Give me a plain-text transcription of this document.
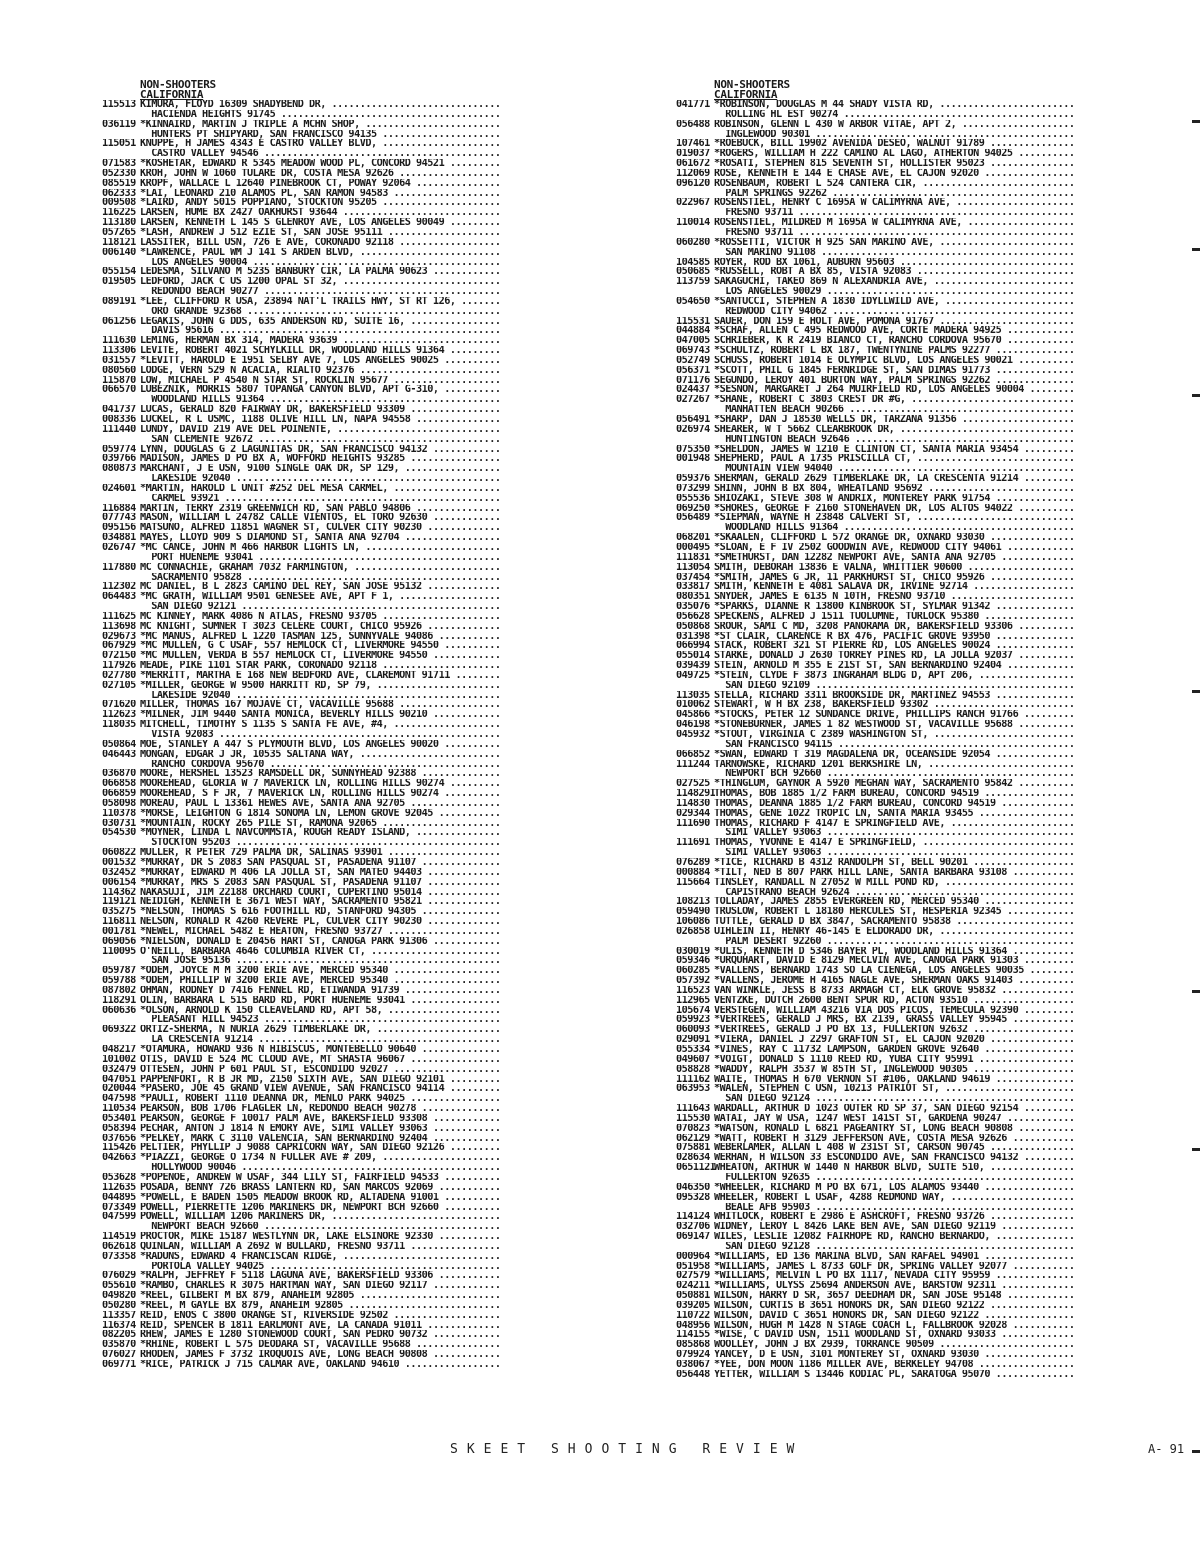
NON-SHOOTERS
CALIFORNIA
115513 KIMURA, FLOYD 16309 SHADYBEND DR, ..............................
HACIENDA HEIGHTS 91745 .......................................
036119 *KINNAIRD, MARTIN J TRIPLE A MCHN SHOP, ........................
HUNTERS PT SHIPYARD, SAN FRANCISCO 94135 .....................
115051 KNUPPE, H JAMES 4343 E CASTRO VALLEY BLVD, .....................
CASTRO VALLEY 94546 ..........................................
071583 *KOSHETAR, EDWARD R 5345 MEADOW WOOD PL, CONCORD 94521 .........
052330 KROH, JOHN W 1060 TULARE DR, COSTA MESA 92626 ..................
085519 KROPF, WALLACE L 12640 PINEBROOK CT, POWAY 92064 ...............
062333 *LAI, LEONARD 210 ALAMOS PL, SAN RAMON 94583 ...................
009508 *LAIRD, ANDY 5015 POPPIANO, STOCKTON 95205 .....................
116225 LARSEN, HUME BX 2427 OAKHURST 93644 ............................
113180 LARSEN, KENNETH L 145 S GLENROY AVE, LOS ANGELES 90049 .........
057265 *LASH, ANDREW J 512 EZIE ST, SAN JOSE 95111 ....................
118121 LASSITER, BILL USN, 726 E AVE, CORONADO 92118 ..................
006140 *LAWRENCE, PAUL WM J 141 S ARDEN BLVD, .........................
LOS ANGELES 90004 ............................................
055154 LEDESMA, SILVANO M 5235 BANBURY CIR, LA PALMA 90623 ............
019505 LEDFORD, JACK C US 1200 OPAL ST 32, ............................
REDONDO BEACH 90277 ..........................................
089191 *LEE, CLIFFORD R USA, 23894 NAT'L TRAILS HWY, ST RT 126, .......
ORO GRANDE 92368 .............................................
061256 LEGAKIS, JOHN G DDS, 635 ANDERSON RD, SUITE 16, ................
DAVIS 95616 ..................................................
111630 LEMING, HERMAN BX 314, MADERA 93639 ............................
113306 LEVITE, ROBERT 4021 SCHYLKILL DR, WOODLAND HILLS 91364 .........
031557 *LEVITT, HAROLD E 1951 SELBY AVE 7, LOS ANGELES 90025 ..........
080560 LODGE, VERN 529 N ACACIA, RIALTO 92376 .........................
115870 LOW, MICHAEL P 4540 N STAR ST, ROCKLIN 95677 ...................
066570 LUBEZNIK, MORRIS 5807 TOPANGA CANYON BLVD, APT G-310, ..........
WOODLAND HILLS 91364 .........................................
041737 LUCAS, GERALD 820 FAIRWAY DR, BAKERSFIELD 93309 ................
008336 LUCKEL, R L USMC, 1188 OLIVE HILL LN, NAPA 94558 ...............
111440 LUNDY, DAVID 219 AVE DEL POINENTE, .............................
SAN CLEMENTE 92672 ...........................................
059774 LYNN, DOUGLAS G 2 LAGUNITAS DR, SAN FRANCISCO 94132 ............
039766 MADISON, JAMES D PO BX A, WOFFORD HEIGHTS 93285 ................
080873 MARCHANT, J E USN, 9100 SINGLE OAK DR, SP 129, .................
LAKESIDE 92040 ...............................................
024601 *MARTIN, HAROLD L UNIT #252 DEL MESA CARMEL, ...................
CARMEL 93921 .................................................
116884 MARTIN, TERRY 2319 GREENWICH RD, SAN PABLO 94806 ...............
077743 MASON, WILLIAM L 24782 CALLE VIENTOS, EL TORO 92630 ............
095156 MATSUNO, ALFRED 11851 WAGNER ST, CULVER CITY 90230 .............
034881 MAYES, LLOYD 909 S DIAMOND ST, SANTA ANA 92704 .................
026747 *MC CANCE, JOHN M 466 HARBOR LIGHTS LN, ........................
PORT HUENEME 93041 ...........................................
117880 MC CONNACHIE, GRAHAM 7032 FARMINGTON, ..........................
SACRAMENTO 95828 .............................................
112302 MC DANIEL, B L 2823 CAMINO DEL REY, SAN JOSE 95132 .............
064483 *MC GRATH, WILLIAM 9501 GENESEE AVE, APT F 1, ..................
SAN DIEGO 92121 ..............................................
111625 MC KINNEY, MARK 4086 N ATLAS, FRESNO 93705 .....................
113698 MC KNIGHT, SUMNER T 3023 CELERE COURT, CHICO 95926 .............
029673 *MC MANUS, ALFRED L 1220 TASMAN 125, SUNNYVALE 94086 ...........
067929 *MC MULLEN, G C USAF, 557 HEMLOCK CT, LIVERMORE 94550 ..........
072150 *MC MULLEN, VERDA B 557 HEMLOCK CT, LIVERMORE 94550 ............
117926 MEADE, PIKE 1101 STAR PARK, CORONADO 92118 .....................
027780 *MERRITT, MARTHA E 168 NEW BEDFORD AVE, CLAREMONT 91711 ........
027105 *MILLER, GEORGE W 9500 HARRITT RD, SP 79, ......................
LAKESIDE 92040 ...............................................
071620 MILLER, THOMAS 167 MOJAVE CT, VACAVILLE 95688 ..................
112623 *MILNER, JIM 9440 SANTA MONICA, BEVERLY HILLS 90210 ............
118035 MITCHELL, TIMOTHY S 1135 S SANTA FE AVE, #4, ...................
VISTA 92083 ..................................................
050864 MOE, STANLEY A 447 S PLYMOUTH BLVD, LOS ANGELES 90020 ..........
046443 MONGAN, EDGAR J JR, 10535 SALTANA WAY, .........................
RANCHO CORDOVA 95670 .........................................
036870 MOORE, HERSHEL 13523 RAMSDELL DR, SUNNYHEAD 92388 ..............
066858 MOOREHEAD, GLORIA W 7 MAVERICK LN, ROLLING HILLS 90274 .........
066859 MOOREHEAD, S F JR, 7 MAVERICK LN, ROLLING HILLS 90274 ..........
058098 MOREAU, PAUL L 13361 HEWES AVE, SANTA ANA 92705 ................
110378 *MORSE, LEIGHTON G 1814 SONOMA LN, LEMON GROVE 92045 ...........
030731 *MOUNTAIN, ROCKY 265 PILE ST, RAMONA 92065 .....................
054530 *MOYNER, LINDA L NAVCOMMSTA, ROUGH READY ISLAND, ...............
STOCKTON 95203 ...............................................
060822 MULLER, R PETER 729 PALMA DR, SALINAS 93901 ....................
001532 *MURRAY, DR S 2083 SAN PASQUAL ST, PASADENA 91107 ..............
032452 *MURRAY, EDWARD M 406 LA JOLLA ST, SAN MATEO 94403 .............
006154 *MURRAY, MRS S 2083 SAN PASQUAL ST, PASADENA 91107 .............
114362 NAKASUJI, JIM 22188 ORCHARD COURT, CUPERTINO 95014 .............
119121 NEIDIGH, KENNETH E 3671 WEST WAY, SACRAMENTO 95821 .............
035275 *NELSON, THOMAS S 616 FOOTHILL RD, STANFORD 94305 ..............
116811 NELSON, RONALD R 4260 REVERE PL, CULVER CITY 90230 .............
001781 *NEWEL, MICHAEL 5482 E HEATON, FRESNO 93727 ....................
069056 *NIELSON, DONALD E 20456 HART ST, CANOGA PARK 91306 ............
110095 O'NEILL, BARBARA 4646 COLUMBIA RIVER CT, .......................
SAN JOSE 95136 ...............................................
059787 *ODEM, JOYCE M M 3200 ERIE AVE, MERCED 95340 ...................
059788 *ODEM, PHILLIP W 3200 ERIE AVE, MERCED 95340 ...................
087802 OHMAN, RODNEY D 7416 FENNEL RD, ETIWANDA 91739 .................
118291 OLIN, BARBARA L 515 BARD RD, PORT HUENEME 93041 ................
060636 *OLSON, ARNOLD K 150 CLEAVELAND RD, APT 58, ....................
PLEASANT HILL 94523 ..........................................
069322 ORTIZ-SHERMA, N NURIA 2629 TIMBERLAKE DR, ......................
LA CRESCENTA 91214 ...........................................
048217 *OTAMURA, HOWARD 936 N HIBISCUS, MONTEBELLO 90640 ..............
101002 OTIS, DAVID E 524 MC CLOUD AVE, MT SHASTA 96067 ................
032479 OTTESEN, JOHN P 601 PAUL ST, ESCONDIDO 92027 ...................
047051 PAPPENFORT, R B JR MD, 2150 SIXTH AVE, SAN DIEGO 92101 .........
020044 *PASERO, JOE 45 GRAND VIEW AVENUE, SAN FRANCISCO 94114 .........
047598 *PAULI, ROBERT 1110 DEANNA DR, MENLO PARK 94025 ................
110534 PEARSON, BOB 1706 FLAGLER LN, REDONDO BEACH 90278 ..............
053401 PEARSON, GEORGE F 10017 PALM AVE, BAKERSFIELD 93308 ............
058394 PECHAR, ANTON J 1814 N EMORY AVE, SIMI VALLEY 93063 ............
037656 *PELKEY, MARK C 3110 VALENCIA, SAN BERNARDINO 92404 ............
115426 PELTIER, PHYLLIP J 9088 CAPRICORN WAY, SAN DIEGO 92126 .........
042663 *PIAZZI, GEORGE O 1734 N FULLER AVE # 209, .....................
HOLLYWOOD 90046 ..............................................
053628 *POPENOE, ANDREW W USAF, 344 LILY ST, FAIRFIELD 94533 ..........
112635 POSADA, BENNY 726 BRASS LANTERN RD, SAN MARCOS 92069 ...........
044895 *POWELL, E BADEN 1505 MEADOW BROOK RD, ALTADENA 91001 ..........
073349 POWELL, PIERRETTE 1206 MARINERS DR, NEWPORT BCH 92660 ..........
047599 POWELL, WILLIAM 1206 MARINERS DR, ..............................
NEWPORT BEACH 92660 ..........................................
114519 PROCTOR, MIKE 15187 WESTLYNN DR, LAKE ELSINORE 92330 ...........
062618 QUINLAN, WILLIAM A 2692 W BULLARD, FRESNO 93711 ................
073358 *RADUNS, EDWARD 4 FRANCISCAN RIDGE, ............................
PORTOLA VALLEY 94025 .........................................
076029 *RALPH, JEFFREY F 5118 LAGUNA AVE, BAKERSFIELD 93306 ...........
055610 *RAMBO, CHARLES R 3075 HARTMAN WAY, SAN DIEGO 92117 ............
049820 *REEL, GILBERT M BX 879, ANAHEIM 92805 .........................
050280 *REEL, M GAYLE BX 879, ANAHEIM 92805 ...........................
113357 REID, ENOS C 3800 ORANGE ST, RIVERSIDE 92502 ...................
116374 REID, SPENCER B 1811 EARLMONT AVE, LA CANADA 91011 .............
082205 RHEW, JAMES E 1280 STONEWOOD COURT, SAN PEDRO 90732 ............
035870 *RHINE, ROBERT L 575 DEODARA ST, VACAVILLE 95688 ...............
076027 RHODEN, JAMES F 3732 IROQUOIS AVE, LONG BEACH 90808 ............
069771 *RICE, PATRICK J 715 CALMAR AVE, OAKLAND 94610 .................
NON-SHOOTERS
CALIFORNIA
041771 *ROBINSON, DOUGLAS M 44 SHADY VISTA RD, ........................
ROLLING HL EST 90274 .........................................
056488 ROBINSON, GLENN L 430 W ARBOR VITAE, APT 2, ....................
INGLEWOOD 90301 ..............................................
107461 *ROEBUCK, BILL 19902 AVENIDA DESEO, WALNUT 91789 ...............
019037 *ROGERS, WILLIAM H 222 CAMINO AL LAGO, ATHERTON 94025 ..........
061672 *ROSATI, STEPHEN 815 SEVENTH ST, HOLLISTER 95023 ...............
112069 ROSE, KENNETH E 144 E CHASE AVE, EL CAJON 92020 ................
096120 ROSENBAUM, ROBERT L 524 CANTERA CIR, ...........................
PALM SPRINGS 92262 ...........................................
022967 ROSENSTIEL, HENRY C 1695A W CALIMYRNA AVE, .....................
FRESNO 93711 .................................................
110014 ROSENSTIEL, MILDRED M 1695A W CALIMYRNA AVE, ...................
FRESNO 93711 .................................................
060280 *ROSSETTI, VICTOR H 925 SAN MARINO AVE, ........................
SAN MARINO 91108 .............................................
104585 ROYER, ROD BX 1061, AUBURN 95603 ...............................
050685 *RUSSELL, ROBT A BX 85, VISTA 92083 ............................
113759 SAKAGUCHI, TAKEO 869 N ALEXANDRIA AVE, .........................
LOS ANGELES 90029 ............................................
054650 *SANTUCCI, STEPHEN A 1830 IDYLLWILD AVE, .......................
REDWOOD CITY 94062 ...........................................
115531 SAUER, DON 159 E HOLT AVE, POMONA 91767 ........................
044884 *SCHAF, ALLEN C 495 REDWOOD AVE, CORTE MADERA 94925 ............
047005 SCHRIEBER, K R 2419 BIANCO CT, RANCHO CORDOVA 95670 ............
069743 *SCHULTZ, ROBERT L BX 187, TWENTYNINE PALMS 92277 ..............
052749 SCHUSS, ROBERT 1014 E OLYMPIC BLVD, LOS ANGELES 90021 ..........
056371 *SCOTT, PHIL G 1845 FERNRIDGE ST, SAN DIMAS 91773 ..............
071176 SEGUNDO, LEROY 401 BURTON WAY, PALM SPRINGS 92262 ..............
024437 *SESNON, MARGARET J 264 MUIRFIELD RD, LOS ANGELES 90004 ........
027267 *SHANE, ROBERT C 3803 CREST DR #G, .............................
MANHATTEN BEACH 90266 ........................................
056491 *SHARP, DAN J 18530 WELLS DR, TARZANA 91356 ....................
026974 SHEARER, W T 5662 CLEARBROOK DR, ...............................
HUNTINGTON BEACH 92646 .......................................
075350 *SHELDON, JAMES W 1210 E CLINTON CT, SANTA MARIA 93454 .........
001948 SHEPHERD, PAUL A 1735 PRISCILLA CT, ............................
MOUNTAIN VIEW 94040 ..........................................
059376 SHERMAN, GERALD 2629 TIMBERLAKE DR, LA CRESCENTA 91214 .........
073299 SHINN, JOHN B BX 804, WHEATLAND 95692 ..........................
055536 SHIOZAKI, STEVE 308 W ANDRIX, MONTEREY PARK 91754 ..............
069250 *SHORES, GEORGE F 2160 STONEHAVEN DR, LOS ALTOS 94022 ..........
056489 *SIEPMAN, WAYNE H 23848 CALVERT ST, ............................
WOODLAND HILLS 91364 .........................................
068201 *SKAALEN, CLIFFORD L 572 ORANGE DR, OXNARD 93030 ...............
000495 *SLOAN, E F IV 2502 GOODWIN AVE, REDWOOD CITY 94061 ............
111831 *SMETHURST, DAN 12282 NEWPORT AVE, SANTA ANA 92705 .............
113054 SMITH, DEBORAH 13836 E VALNA, WHITTIER 90600 ...................
037454 *SMITH, JAMES G JR, 11 PARKHURST ST, CHICO 95926 ...............
033817 SMITH, KENNETH E 4081 SALAVA DR, IRVINE 92714 ..................
080351 SNYDER, JAMES E 6135 N 10TH, FRESNO 93710 ......................
035076 *SPARKS, DIANNE R 13800 KINBROOK ST, SYLMAR 91342 ..............
056628 SPECKENS, ALFRED J 1511 TUOLUMNE, TURLOCK 95380 ................
050868 SROUR, SAMI C MD, 3208 PANORAMA DR, BAKERSFIELD 93306 ..........
031398 *ST CLAIR, CLARENCE R BX 476, PACIFIC GROVE 93950 ..............
066994 STACK, ROBERT 321 ST PIERRE RD, LOS ANGELES 90024 ..............
055014 STARKE, DONALD J 2630 TORREY PINES RD, LA JOLLA 92037 ..........
039439 STEIN, ARNOLD M 355 E 21ST ST, SAN BERNARDINO 92404 ............
049725 *STEIN, CLYDE F 3873 INGRAHAM BLDG D, APT 206, .................
SAN DIEGO 92109 ..............................................
113035 STELLA, RICHARD 3311 BROOKSIDE DR, MARTINEZ 94553 ..............
010062 STEWART, W H BX 238, BAKERSFIELD 93302 .........................
045866 *STOCKS, PETER 12 SUNDANCE DRIVE, PHILLIPS RANCH 91766 .........
046198 *STONEBURNER, JAMES 1 82 WESTWOOD ST, VACAVILLE 95688 ..........
045932 *STOUT, VIRGINIA C 2389 WASHINGTON ST, .........................
SAN FRANCISCO 94115 ..........................................
066852 *SWAN, EDWARD T 319 MAGDALENA DR, OCEANSIDE 92054 ..............
111244 TARNOWSKE, RICHARD 1201 BERKSHIRE LN, ..........................
NEWPORT BCH 92660 ............................................
027525 *THINGLUM, GAYNOR A 5920 MEGHAN WAY, SACRAMENTO 95842 ..........
114829ITHOMAS, BOB 1885 1/2 FARM BUREAU, CONCORD 94519 ................
114830 THOMAS, DEANNA 1885 1/2 FARM BUREAU, CONCORD 94519 .............
029344 THOMAS, GENE 1022 TROPIC LN, SANTA MARIA 93455 .................
111690 THOMAS, RICHARD F 4147 E SPRINGFIELD AVE, ......................
SIMI VALLEY 93063 ............................................
111691 THOMAS, YVONNE E 4147 E SPRINGFIELD, ...........................
SIMI VALLEY 93063 ............................................
076289 *TICE, RICHARD B 4312 RANDOLPH ST, BELL 90201 ..................
000884 *TILT, NED B 807 PARK HILL LANE, SANTA BARBARA 93108 ...........
115664 TINSLEY, RANDALL N 27052 W MILL POND RD, .......................
CAPISTRANO BEACH 92624 .......................................
108213 TOLLADAY, JAMES 2855 EVERGREEN RD, MERCED 95340 ................
059490 TRUSLOW, ROBERT L 18180 HERCULES ST, HESPERIA 92345 ............
106086 TUTTLE, GERALD D BX 3847, SACRAMENTO 95838 .....................
026858 UIHLEIN II, HENRY 46-145 E ELDORADO DR, ........................
PALM DESERT 92260 ............................................
030019 *ULIS, KENNETH D 5346 BAYER PL, WOODLAND HILLS 91364 ...........
059346 *URQUHART, DAVID E 8129 MECLVIN AVE, CANOGA PARK 91303 .........
060285 *VALLENS, BERNARD 1743 SO LA CIENEGA, LOS ANGELES 90035 ........
057392 *VALLENS, JEROME H 4165 NAGLE AVE, SHERMAN OAKS 91403 ..........
116523 VAN WINKLE, JESS B 8733 ARMAGH CT, ELK GROVE 95832 .............
112965 VENTZKE, DUTCH 2600 BENT SPUR RD, ACTON 93510 ..................
105674 VERSTEGEN, WILLIAM 43216 VIA DOS PICOS, TEMECULA 92390 .........
059923 *VERTREES, GERALD J MRS, BX 2139, GRASS VALLEY 95945 ...........
060093 *VERTREES, GERALD J PO BX 13, FULLERTON 92632 ..................
029091 *VIERA, DANIEL J 2297 GRAFTON ST, EL CAJON 92020 ...............
055334 *VINES, RAY C 11732 LAMPSON, GARDEN GROVE 92640 ................
049607 *VOIGT, DONALD S 1110 REED RD, YUBA CITY 95991 .................
058828 *WADDY, RALPH 3537 W 85TH ST, INGLEWOOD 90305 ..................
111162 WAITE, THOMAS H 670 VERNON ST #106, OAKLAND 94619 ..............
063953 *WALEN, STEPHEN C USN, 10213 PATRIOT ST, .......................
SAN DIEGO 92124 ..............................................
111643 WARDALL, ARTHUR D 1023 OUTER RD SP 37, SAN DIEGO 92154 .........
115530 WATAI, JAY W USA, 1247 WEST 141ST ST, GARDENA 90247 ............
070823 *WATSON, RONALD L 6821 PAGEANTRY ST, LONG BEACH 90808 ..........
062129 *WATT, ROBERT H 3129 JEFFERSON AVE, COSTA MESA 92626 ...........
075881 WEBERLAMER, ALLAN L 408 W 231ST ST, CARSON 90745 ...............
028634 WERHAN, H WILSON 33 ESCONDIDO AVE, SAN FRANCISCO 94132 .........
065112IWHEATON, ARTHUR W 1440 N HARBOR BLVD, SUITE 510, ...............
FULLERTON 92635 ..............................................
046350 *WHEELER, RICHARD M PO BX 671, LOS ALAMOS 93440 ................
095328 WHEELER, ROBERT L USAF, 4288 REDMOND WAY, ......................
BEALE AFB 95903 ..............................................
114124 WHITLOCK, ROBERT E 2986 E ASHCROFT, FRESNO 93726 ...............
032706 WIDNEY, LEROY L 8426 LAKE BEN AVE, SAN DIEGO 92119 .............
069147 WILES, LESLIE 12082 FAIRHOPE RD, RANCHO BERNARDO, ..............
SAN DIEGO 92128 ..............................................
000964 *WILLIAMS, ED 136 MARINA BLVD, SAN RAFAEL 94901 ................
051958 *WILLIAMS, JAMES L 8733 GOLF DR, SPRING VALLEY 92077 ...........
027579 *WILLIAMS, MELVIN L PO BX 1117, NEVADA CITY 95959 ..............
024211 *WILLIAMS, ULYSS 25694 ANDERSON AVE, BARSTOW 92311 .............
050881 WILSON, HARRY D SR, 3657 DEEDHAM DR, SAN JOSE 95148 ............
039205 WILSON, CURTIS B 3651 HONORS DR, SAN DIEGO 92122 ...............
110722 WILSON, DAVID C 3651 HONORS DR, SAN DIEGO 92122 ................
048956 WILSON, HUGH M 1428 N STAGE COACH L, FALLBROOK 92028 ...........
114155 *WISE, C DAVID USN, 1511 WOODLAND ST, OXNARD 93033 .............
085868 WOOLLEY, JOHN J BX 2939, TORRANCE 90509 ........................
079924 YANCEY, D E USN, 3101 MONTEREY ST, OXNARD 93030 ................
038067 *YEE, DON MOON 1186 MILLER AVE, BERKELEY 94708 .................
056448 YETTER, WILLIAM S 13446 KODIAC PL, SARATOGA 95070 ..............
SKEET SHOOTING REVIEW	A- 91
